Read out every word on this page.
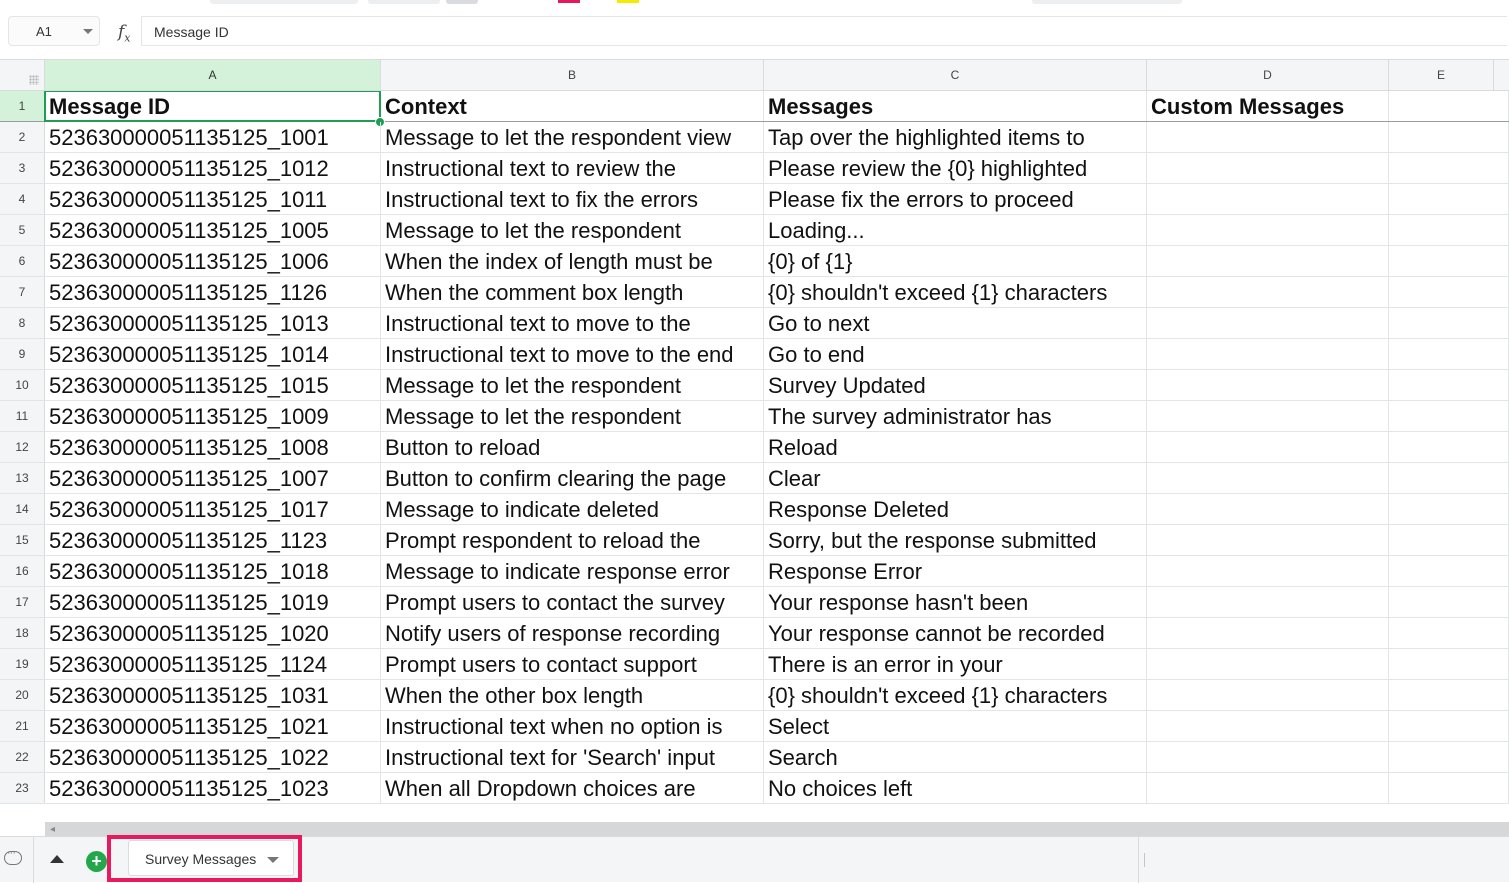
A1	$f_x$ Message ID
A	B	C	D	E
1	Message ID	Context	Messages	Custom Messages
2	523630000051135125_1001	Message to let the respondent view	Tap over the highlighted items to
3	523630000051135125_1012	Instructional text to review the	Please review the {0} highlighted
4	523630000051135125_1011	Instructional text to fix the errors	Please fix the errors to proceed
5	523630000051135125_1005	Message to let the respondent	Loading...
6	523630000051135125_1006	When the index of length must be	{0} of {1}
7	523630000051135125_1126	When the comment box length	{0} shouldn't exceed {1} characters
8	523630000051135125_1013	Instructional text to move to the	Go to next
9	523630000051135125_1014	Instructional text to move to the end	Go to end
10 523630000051135125_1015	Message to let the respondent	Survey Updated
11 523630000051135125_1009	Message to let the respondent	The survey administrator has
12 523630000051135125_1008	Button to reload	Reload
13 523630000051135125_1007	Button to confirm clearing the page	Clear
14 523630000051135125_1017	Message to indicate deleted	Response Deleted
15 523630000051135125_1123	Prompt respondent to reload the	Sorry, but the response submitted
16 523630000051135125_1018	Message to indicate response error	Response Error
17 523630000051135125_1019	Prompt users to contact the survey	Your response hasn't been
18 523630000051135125_1020	Notify users of response recording	Your response cannot be recorded
19 523630000051135125_1124	Prompt users to contact support	There is an error in your
20 523630000051135125_1031	When the other box length	{0} shouldn't exceed {1} characters
21 523630000051135125_1021	Instructional text when no option is	Select
22 523630000051135125_1022	Instructional text for 'Search' input	Search
23 523630000051135125_1023	When all Dropdown choices are	No choices left
◂
···
+	Survey Messages
